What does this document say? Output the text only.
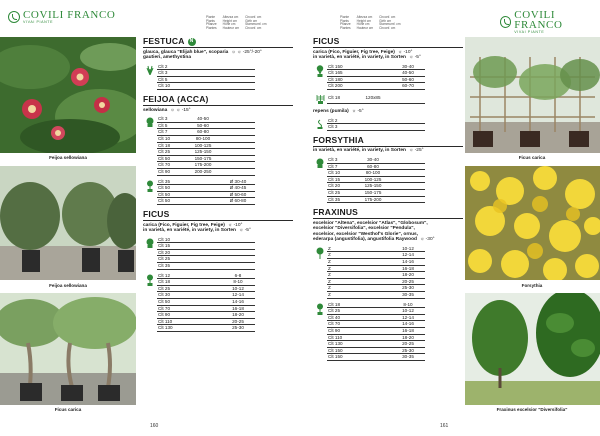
Feijoa sellowiana
Feijoa sellowiana
Ficus carica
COVILI FRANCO
VIVAI PIANTE
Piante
Plants
Pflanze
Plantes
Altezza cm
Height cm
Höhe cm
Hauteur cm
Circonf. cm
Girth cm
Stammumf. cm
Circonf. cm
FESTUCA	N
glauca, glauca "Elijah blue", scoparia ☼ ☼ -25°/-20°
gautieri, amethystina
Clt 2		
Clt 3		
Clt 5		
Clt 10		
FEIJOA (ACCA)
sellowiana ☼ ☼ -15°
Clt 3	40-50	
Clt 5	50-60	
Clt 7	60-80	
Clt 10	80-100	
Clt 18	100-125	
Clt 25	125-150	
Clt 50	150-175	
Clt 70	175-200	
Clt 90	200-250	
Clt 35		Ø 30-40
Clt 50		Ø 40-45
Clt 50		Ø 50-60
Clt 50		Ø 60-80
FICUS
carica (Fico, Figuier, Fig tree, Feige) ☼ -10°
in varietà, en variété, in variety, in Sorten ☼ -5°
Clt 10		
Clt 15		
Clt 20		
Clt 25		
Clt 35		
Clt 12		6-8
Clt 18		8-10
Clt 25		10-12
Clt 30		12-14
Clt 50		14-16
Clt 70		16-18
Clt 90		18-20
Clt 110		20-25
Clt 130		25-30
160
Piante
Plants
Pflanze
Plantes
Altezza cm
Height cm
Höhe cm
Hauteur cm
Circonf. cm
Girth cm
Stammumf. cm
Circonf. cm
COVILI FRANCO
VIVAI PIANTE
FICUS
carica (Fico, Figuier, Fig tree, Feige) ☼ -10°
in varietà, en variété, in variety, in Sorten ☼ -5°
Clt 150		30-40
Clt 165		40-50
Clt 180		50-60
Clt 200		60-70
Clt 18	120x85	
repens (pumila) ☼ -5°
Clt 2		
Clt 3		
FORSYTHIA
in varietà, en variété, in variety, in Sorten ☼ -25°
Clt 3	30-40	
Clt 7	60-80	
Clt 10	80-100	
Clt 15	100-125	
Clt 20	125-150	
Clt 25	150-175	
Clt 35	175-200	
FRAXINUS
excelsior "Altena", excelsior "Atlas", "Globosum",
excelsior "Diversifolia", excelsior "Pendula",
excelsior, excelsior "Westhof's Glorie", ornus,
ederarpa (angustifolia), angustifolia Raywood ☼ -30°
Z		10-12
Z		12-14
Z		14-16
Z		16-18
Z		18-20
Z		20-25
Z		25-30
Z		30-35
Clt 18		8-10
Clt 25		10-12
Clt 40		12-14
Clt 70		14-16
Clt 90		16-18
Clt 110		18-20
Clt 130		20-25
Clt 150		25-30
Clt 150		30-35
161
Ficus carica
Forsythia
Fraxinus excelsior "Diversifolia"
